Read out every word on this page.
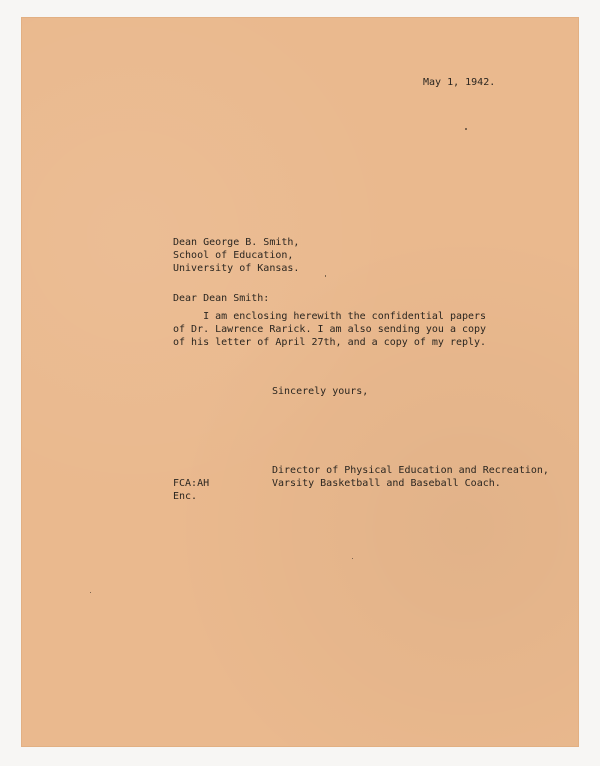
May 1, 1942.
Dean George B. Smith,
School of Education,
University of Kansas.
Dear Dean Smith:
I am enclosing herewith the confidential papers
of Dr. Lawrence Rarick. I am also sending you a copy
of his letter of April 27th, and a copy of my reply.
Sincerely yours,
Director of Physical Education and Recreation,
Varsity Basketball and Baseball Coach.
FCA:AH
Enc.
